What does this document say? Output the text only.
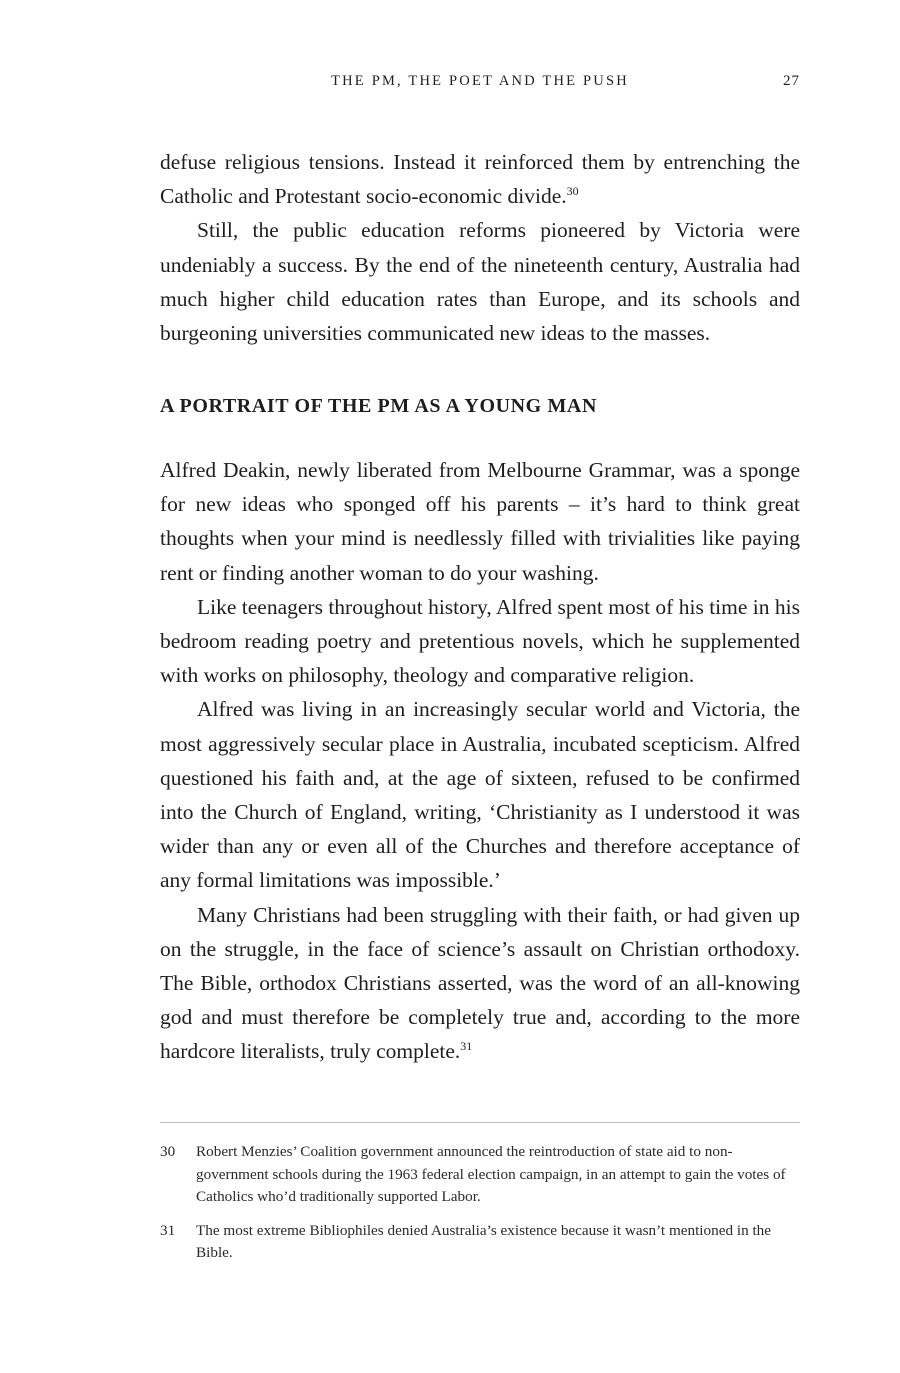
THE PM, THE POET AND THE PUSH	27

defuse religious tensions. Instead it reinforced them by entrenching the Catholic and Protestant socio-economic divide.$^{30}$

Still, the public education reforms pioneered by Victoria were undeniably a success. By the end of the nineteenth century, Australia had much higher child education rates than Europe, and its schools and burgeoning universities communicated new ideas to the masses.

A PORTRAIT OF THE PM AS A YOUNG MAN

Alfred Deakin, newly liberated from Melbourne Grammar, was a sponge for new ideas who sponged off his parents – it’s hard to think great thoughts when your mind is needlessly filled with trivialities like paying rent or finding another woman to do your washing.

Like teenagers throughout history, Alfred spent most of his time in his bedroom reading poetry and pretentious novels, which he supplemented with works on philosophy, theology and comparative religion.

Alfred was living in an increasingly secular world and Victoria, the most aggressively secular place in Australia, incubated scepticism. Alfred questioned his faith and, at the age of sixteen, refused to be confirmed into the Church of England, writing, ‘Christianity as I understood it was wider than any or even all of the Churches and therefore acceptance of any formal limitations was impossible.’

Many Christians had been struggling with their faith, or had given up on the struggle, in the face of science’s assault on Christian orthodoxy. The Bible, orthodox Christians asserted, was the word of an all-knowing god and must therefore be completely true and, according to the more hardcore literalists, truly complete.$^{31}$

30 Robert Menzies’ Coalition government announced the reintroduction of state aid to non-government schools during the 1963 federal election campaign, in an attempt to gain the votes of Catholics who’d traditionally supported Labor.
31 The most extreme Bibliophiles denied Australia’s existence because it wasn’t mentioned in the Bible.
